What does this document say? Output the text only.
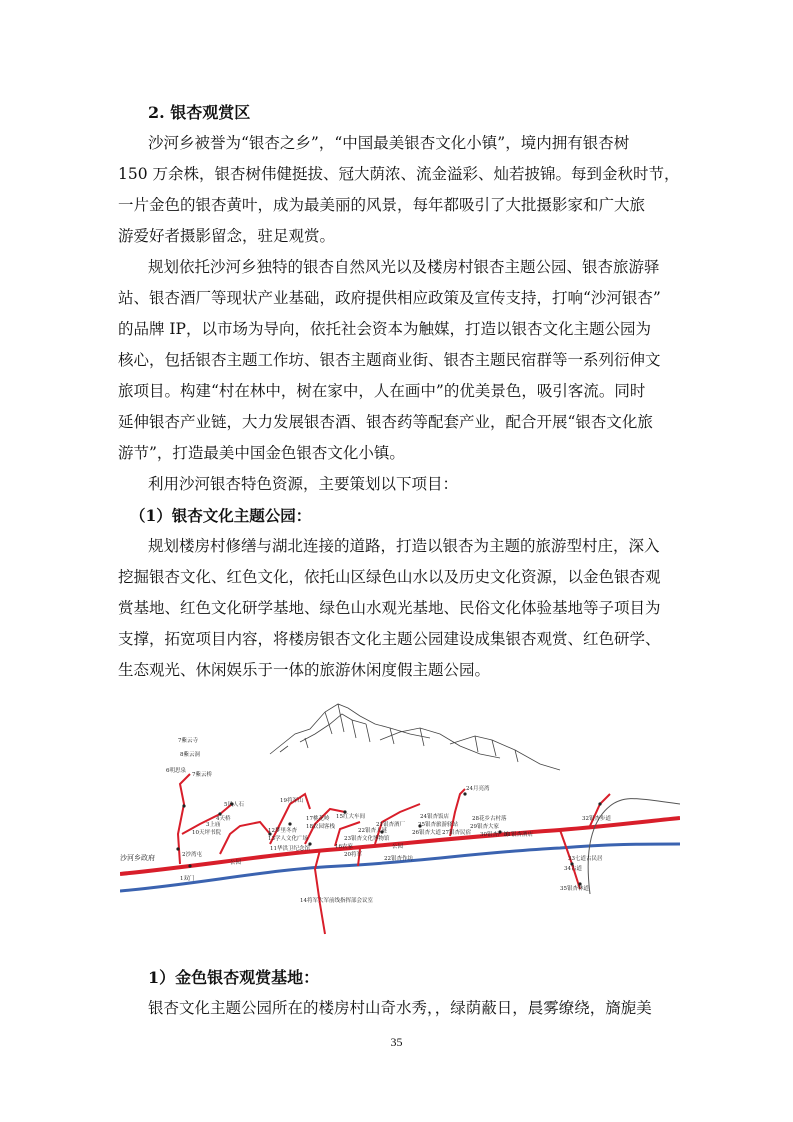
2. 银杏观赏区
沙河乡被誉为“银杏之乡”，“中国最美银杏文化小镇”，境内拥有银杏树
150 万余株，银杏树伟健挺拔、冠大荫浓、流金溢彩、灿若披锦。每到金秋时节，
一片金色的银杏黄叶，成为最美丽的风景，每年都吸引了大批摄影家和广大旅
游爱好者摄影留念，驻足观赏。
规划依托沙河乡独特的银杏自然风光以及楼房村银杏主题公园、银杏旅游驿
站、银杏酒厂等现状产业基础，政府提供相应政策及宣传支持，打响“沙河银杏”
的品牌 IP，以市场为导向，依托社会资本为触媒，打造以银杏文化主题公园为
核心，包括银杏主题工作坊、银杏主题商业街、银杏主题民宿群等一系列衍伸文
旅项目。构建“村在林中，树在家中，人在画中”的优美景色，吸引客流。同时
延伸银杏产业链，大力发展银杏酒、银杏药等配套产业，配合开展“银杏文化旅
游节”，打造最美中国金色银杏文化小镇。
利用沙河银杏特色资源，主要策划以下项目：
（1）银杏文化主题公园：
规划楼房村修缮与湖北连接的道路，打造以银杏为主题的旅游型村庄，深入
挖掘银杏文化、红色文化，依托山区绿色山水以及历史文化资源，以金色银杏观
赏基地、红色文化研学基地、绿色山水观光基地、民俗文化体验基地等子项目为
支撑，拓宽项目内容，将楼房银杏文化主题公园建设成集银杏观赏、红色研学、
生态观光、休闲娱乐于一体的旅游休闲度假主题公园。
7紫云寺
8紫云洞
6明思泉
7紫云桥
5风人石
4天桥
3上庙
10天坪书院
2沙湾屯
1双门
公园
19将军山
12梦里冬杏
13学人文化广场
11华洪卫纪念馆
17桃花岭
18农园客栈
15红大车间
16农家
22银杏人谜
23银杏文化博物馆
20将军
21银杏酒厂
22银杏作坊
24银杏饭店
25银杏旅游驿站
26银杏大道 27银杏民宿
28花乡古村落
29银杏大家
30银杏广场
31银杏酒店
24月亮湾
32银杏步道
33七道古民居
34古道
35银杏林道
14将军大军前线指挥部会议室
公园
沙河乡政府
1）金色银杏观赏基地：
银杏文化主题公园所在的楼房村山奇水秀，，绿荫蔽日，晨雾缭绕，旖旎美
35
